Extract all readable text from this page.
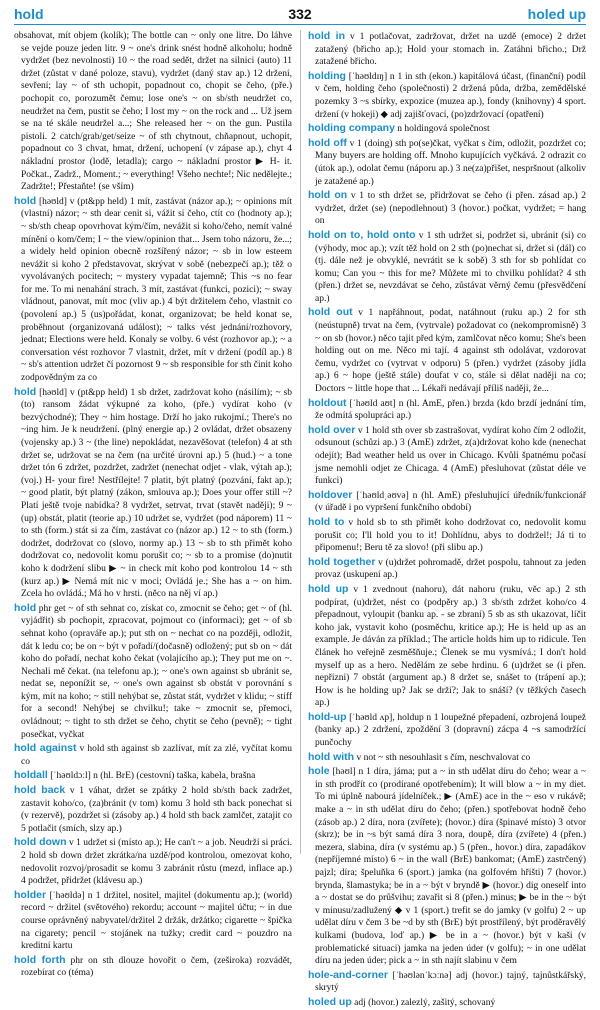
hold	332	holed up

obsahovat, mít objem (kolík); The bottle can ~ only one litre. Do láhve se vejde pouze jeden litr. 9 ~ one's drink snést hodně alkoholu; hodně vydržet (bez nevolnosti) 10 ~ the road sedět, držet na silnici (auto) 11 držet (zůstat v dané poloze, stavu), vydržet (daný stav ap.) 12 držení, sevření; lay ~ of sth uchopit, popadnout co, chopit se čeho, (pře.) pochopit co, porozumět čemu; lose one's ~ on sb/sth neudržet co, neudržet na čem, pustit se čeho; I lost my ~ on the rock and ... Už jsem se na té skále neudržel a...; She released her ~ on the gun. Pustila pistoli. 2 catch/grab/get/seize ~ of sth chytnout, chňapnout, uchopit, popadnout co 3 chvat, hmat, držení, uchopení (v zápase ap.), chyt 4 nákladní prostor (lodě, letadla); cargo ~ nákladní prostor ▶ H- it. Počkat., Zadrž., Moment.; ~ everything! Všeho nechte!; Nic nedělejte.; Zadržte!; Přestaňte! (se vším)

hold [həʊld] v (pt&pp held) 1 mít, zastávat (názor ap.); ~ opinions mít (vlastní) názor; ~ sth dear cenit si, vážit si čeho, ctít co (hodnoty ap.); ~ sb/sth cheap opovrhovat kým/čím, nevážit si koho/čeho, nemít valné mínění o kom/čem; I ~ the view/opinion that... Jsem toho názoru, že...; a widely held opinion obecně rozšířený názor; ~ sb in low esteem nevážit si koho 2 představovat, skrývat v sobě (nebezpečí ap.); těž o vyvolávaných pocitech; ~ mystery vypadat tajemně; This ~s no fear for me. To mi nenahání strach. 3 mít, zastávat (funkci, pozici); ~ sway vládnout, panovat, mít moc (vliv ap.) 4 být držitelem čeho, vlastnit co (povolení ap.) 5 (us)pořádat, konat, organizovat; be held konat se, proběhnout (organizovaná událost); ~ talks vést jednání/rozhovory, jednat; Elections were held. Konaly se volby. 6 vést (rozhovor ap.); ~ a conversation vést rozhovor 7 vlastnit, držet, mít v držení (podíl ap.) 8 ~ sb's attention udržet čí pozornost 9 ~ sb responsible for sth činit koho zodpovědným za co

hold [həʊld] v (pt&pp held) 1 sb držet, zadržovat koho (násilím); ~ sb (to) ransom žádat výkupné za koho, (pře.) vydírat koho (v bezvýchodné); They ~ him hostage. Drží ho jako rukojmí.; There's no ~ing him. Je k neudržení. (plný energie ap.) 2 ovládat, držet obsazeny (vojensky ap.) 3 ~ (the line) nepokládat, nezavěšovat (telefon) 4 at sth držet se, udržovat se na čem (na určité úrovni ap.) 5 (hud.) ~ a tone držet tón 6 zdržet, pozdržet, zadržet (nenechat odjet - vlak, výtah ap.); (voj.) H- your fire! Nestřílejte! 7 platit, být platný (pozvání, fakt ap.); ~ good platit, být platný (zákon, smlouva ap.); Does your offer still ~? Platí ještě tvoje nabídka? 8 vydržet, setrvat, trvat (stavět naději); 9 ~ (up) obstát, platit (teorie ap.) 10 udržet se, vydržet (pod náporem) 11 ~ to sth (form.) stát si za čím, zastávat co (názor ap.) 12 ~ to sth (form.) dodržet, dodržovat co (slovo, normy ap.) 13 ~ sb to sth přimět koho dodržovat co, nedovolit komu porušit co; ~ sb to a promise (do)nutit koho k dodržení slibu ▶ ~ in check mít koho pod kontrolou 14 ~ sth (kurz ap.) ▶ Nemá mít nic v moci; Ovládá je.; She has a ~ on him. Zcela ho ovládá.; Má ho v hrsti. (něco na něj ví ap.)

hold phr get ~ of sth sehnat co, získat co, zmocnit se čeho; get ~ of (hl. vyjádřit) sb pochopit, zpracovat, pojmout co (informaci); get ~ of sb sehnat koho (opraváře ap.); put sth on ~ nechat co na později, odložit, dát k ledu co; be on ~ být v pořadí/(dočasně) odložený; put sb on ~ dát koho do pořadí, nechat koho čekat (volajícího ap.); They put me on ~. Nechali mě čekat. (na telefonu ap.); ~ one's own against sb ubránit se, nedat se, neponížit se, ~ one's own against sb obstát v porovnání s kým, mít na koho; ~ still nehýbat se, zůstat stát, vydržet v klidu; ~ stiff for a second! Nehýbej se chvilku!; take ~ zmocnit se, přemoci, ovládnout; ~ tight to sth držet se čeho, chytit se čeho (pevně); ~ tight posečkat, vyčkat

hold against v hold sth against sb zazlívat, mít za zlé, vyčítat komu co

holdall [ˈhəʊldɔːl] n (hl. BrE) (cestovní) taška, kabela, brašna

hold back v 1 váhat, držet se zpátky 2 hold sb/sth back zadržet, zastavit koho/co, (za)bránit (v tom) komu 3 hold sth back ponechat si (v rezervě), pozdržet si (zásoby ap.) 4 hold sth back zamlčet, zatajit co 5 potlačit (smích, slzy ap.)

hold down v 1 udržet si (místo ap.); He can't ~ a job. Neudrží si práci. 2 hold sb down držet zkrátka/na uzdě/pod kontrolou, omezovat koho, nedovolit rozvoj/prosadit se komu 3 zabránit růstu (mezd, inflace ap.) 4 podržet, přidržet (klávesu ap.)

holder [ˈhəʊldə] n 1 držitel, nositel, majitel (dokumentu ap.); (world) record ~ držitel (světového) rekordu; account ~ majitel účtu; ~ in due course oprávněný nabyvatel/držitel 2 držák, držátko; cigarette ~ špička na cigarety; pencil ~ stojánek na tužky; credit card ~ pouzdro na kreditní kartu

hold forth phr on sth dlouze hovořit o čem, (zeširoka) rozvádět, rozebírat co (téma)

hold in v 1 potlačovat, zadržovat, držet na uzdě (emoce) 2 držet zatažený (břicho ap.); Hold your stomach in. Zatáhni břicho.; Drž zatažené břicho.

holding [ˈhəʊldɪŋ] n 1 in sth (ekon.) kapitálová účast, (finanční) podíl v čem, holding čeho (společnosti) 2 držená půda, držba, zemědělské pozemky 3 ~s sbírky, expozice (muzea ap.), fondy (knihovny) 4 sport. držení (v hokeji) ◆ adj zajišťovací, (po)zdržovací (opatření)

holding company n holdingová společnost

hold off v 1 (doing) sth po(se)čkat, vyčkat s čím, odložit, pozdržet co; Many buyers are holding off. Mnoho kupujících vyčkává. 2 odrazit co (útok ap.), odolat čemu (náporu ap.) 3 ne(za)přišet, nespršnout (alkoliv je zatažené ap.)

hold on v 1 to sth držet se, přidržovat se čeho (i přen. zásad ap.) 2 vydržet, držet (se) (nepodlehnout) 3 (hovor.) počkat, vydržet; = hang on

hold on to, hold onto v 1 sth udržet si, podržet si, ubránit (si) co (výhody, moc ap.); vzít těž hold on 2 sth (po)nechat si, držet si (dál) co (tj. dále než je obvyklé, nevrátit se k sobě) 3 sth for sb pohlídat co komu; Can you ~ this for me? Můžete mi to chvilku pohlídat? 4 sth (přen.) držet se, nevzdávat se čeho, zůstávat věrný čemu (přesvědčení ap.)

hold out v 1 napřáhnout, podat, natáhnout (ruku ap.) 2 for sth (neústupně) trvat na čem, (vytrvale) požadovat co (nekompromisně) 3 ~ on sb (hovor.) něco tajit před kým, zamlčovat něco komu; She's been holding out on me. Něco mi tají. 4 against sth odolávat, vzdorovat čemu, vydržet co (vytrvat v odporu) 5 (přen.) vydržet (zásoby jídla ap.) 6 ~ hope (ještě stále) doufat v co, stále si dělat naději na co; Doctors ~ little hope that ... Lékaři nedávají příliš naději, že...

holdout [ˈhəʊld aʊt] n (hl. AmE, přen.) brzda (kdo brzdí jednání tím, že odmítá spolupráci ap.)

hold over v 1 hold sth over sb zastrašovat, vydírat koho čím 2 odložit, odsunout (schůzi ap.) 3 (AmE) zdržet, z(a)držovat koho kde (nenechat odejít); Bad weather held us over in Chicago. Kvůli špatnému počasí jsme nemohli odjet ze Chicaga. 4 (AmE) přesluhovat (zůstat déle ve funkci)

holdover [ˈhəʊldˌəʊvə] n (hl. AmE) přesluhující úředník/funkcionář (v úřadě i po vypršení funkčního období)

hold to v hold sb to sth přimět koho dodržovat co, nedovolit komu porušit co; I'll hold you to it! Dohlídnu, abys to dodržel!; Já ti to připomenu!; Beru tě za slovo! (při slibu ap.)

hold together v (u)držet pohromadě, držet pospolu, tahnout za jeden provaz (uskupení ap.)

hold up v 1 zvednout (nahoru), dát nahoru (ruku, věc ap.) 2 sth podpírat, (u)držet, nést co (podpěry ap.) 3 sb/sth zdržet koho/co 4 přepadnout, vyloupit (banku ap. - se zbraní) 5 sb as sth ukazovat, líčit koho jak, vystavit koho (posměchu, kritice ap.); He is held up as an example. Je dáván za příklad.; The article holds him up to ridicule. Ten článek ho veřejně zesměšňuje.; Členek se mu vysmívá.; I don't hold myself up as a hero. Nedělám ze sebe hrdinu. 6 (u)držet se (i přen. nepřízni) 7 obstát (argument ap.) 8 držet se, snášet to (trápení ap.); How is he holding up? Jak se drží?; Jak to snáší? (v těžkých časech ap.)

hold-up [ˈhəʊld ʌp], holdup n 1 loupežné přepadení, ozbrojená loupež (banky ap.) 2 zdržení, zpoždění 3 (dopravní) zácpa 4 ~s samodržící punčochy

hold with v not ~ sth nesouhlasit s čím, neschvalovat co

hole [həʊl] n 1 díra, jáma; put a ~ in sth udělat díru do čeho; wear a ~ in sth prodřít co (prodírané opotřebením); It will blow a ~ in my diet. To mi úplně nabourá jídelníček.; ▶ (AmE) ace in the ~ eso v rukávě; make a ~ in sth udělat díru do čeho; (přen.) spotřebovat hodně čeho (zásob ap.) 2 díra, nora (zvířete); (hovor.) díra (špinavé místo) 3 otvor (skrz); be in ~s být samá díra 3 nora, doupě, díra (zvířete) 4 (přen.) mezera, slabina, díra (v systému ap.) 5 (přen., hovor.) díra, zapadákov (nepříjemné místo) 6 ~ in the wall (BrE) bankomat; (AmE) zastrčený) pajzl; díra; špeluňka 6 (sport.) jamka (na golfovém hřišti) 7 (hovor.) brynda, šlamastyka; be in a ~ být v bryndě ▶ (hovor.) dig oneself into a ~ dostat se do průšvihu; zavařit si 8 (přen.) minus; ▶ be in the ~ být v minusu/zadlužený ◆ v 1 (sport.) trefit se do jamky (v golfu) 2 ~ up udělat díru v čem 3 be ~d by sth (BrE) být prostřílený, být proděravělý kulkami (budova, loď ap.) ▶ be in a ~ (hovor.) být v kaši (v problematické situaci) jamka na jeden úder (v golfu); ~ in one udělat díru na jeden úder; pick a ~ in sth najít slabinu v čem

hole-and-corner [ˈhəʊlənˈkɔːnə] adj (hovor.) tajný, tajnůstkářský, skrytý

holed up adj (hovor.) zalezlý, zašitý, schovaný
